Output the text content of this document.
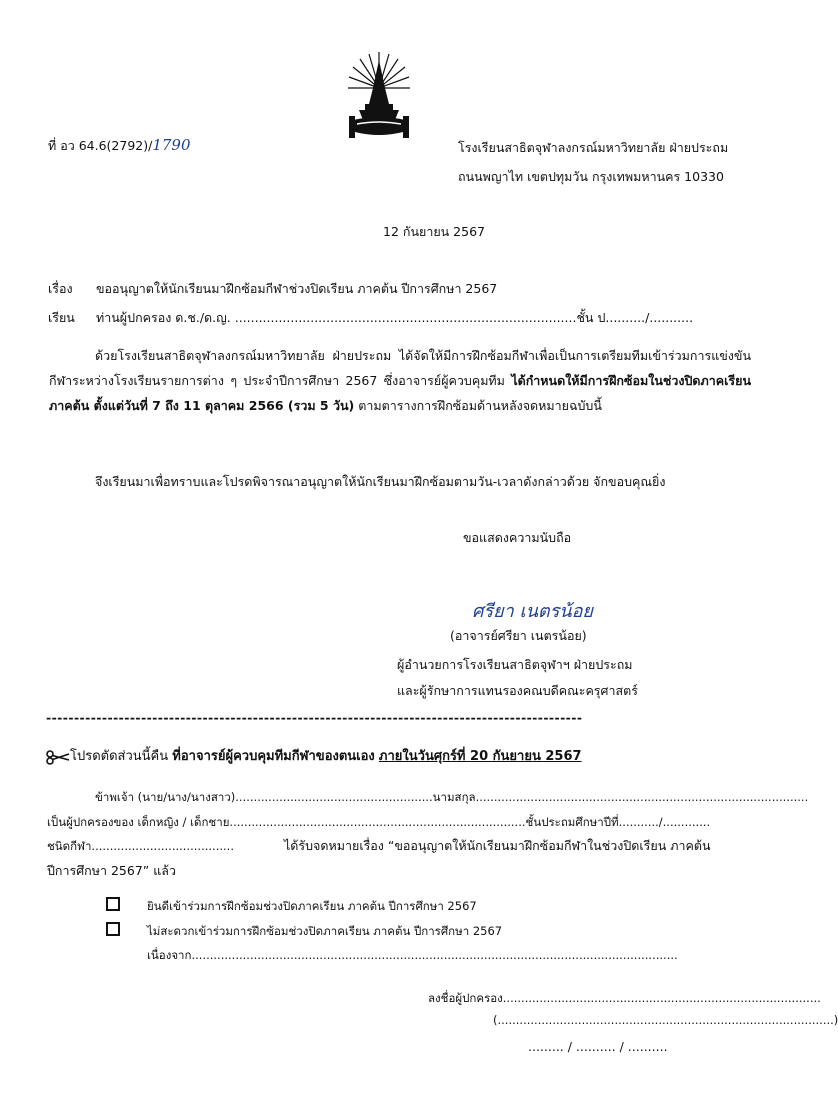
ที่ อว 64.6(2792)/1790	โรงเรียนสาธิตจุฬาลงกรณ์มหาวิทยาลัย ฝ่ายประถม
ถนนพญาไท เขตปทุมวัน กรุงเทพมหานคร 10330
12 กันยายน 2567
เรื่อง ขออนุญาตให้นักเรียนมาฝึกซ้อมกีฬาช่วงปิดเรียน ภาคต้น ปีการศึกษา 2567
เรียน ท่านผู้ปกครอง ด.ช./ด.ญ. ......................................................................................ชั้น ป........../...........
ด้วยโรงเรียนสาธิตจุฬาลงกรณ์มหาวิทยาลัย ฝ่ายประถม ได้จัดให้มีการฝึกซ้อมกีฬาเพื่อเป็นการเตรียมทีมเข้าร่วมการแข่งขันกีฬาระหว่างโรงเรียนรายการต่าง ๆ ประจำปีการศึกษา 2567 ซึ่งอาจารย์ผู้ควบคุมทีม ได้กำหนดให้มีการฝึกซ้อมในช่วงปิดภาคเรียน ภาคต้น ตั้งแต่วันที่ 7 ถึง 11 ตุลาคม 2566 (รวม 5 วัน) ตามตารางการฝึกซ้อมด้านหลังจดหมายฉบับนี้
จึงเรียนมาเพื่อทราบและโปรดพิจารณาอนุญาตให้นักเรียนมาฝึกซ้อมตามวัน-เวลาดังกล่าวด้วย จักขอบคุณยิ่ง
ขอแสดงความนับถือ
ศรียา เนตรน้อย
(อาจารย์ศรียา เนตรน้อย)
ผู้อำนวยการโรงเรียนสาธิตจุฬาฯ ฝ่ายประถม
และผู้รักษาการแทนรองคณบดีคณะครุศาสตร์
------------------------------------------------------------------------------------------------
โปรดตัดส่วนนี้คืน ที่อาจารย์ผู้ควบคุมทีมกีฬาของตนเอง ภายในวันศุกร์ที่ 20 กันยายน 2567
ข้าพเจ้า (นาย/นาง/นางสาว)......................................................นามสกุล...........................................................................................
เป็นผู้ปกครองของ เด็กหญิง / เด็กชาย.................................................................................ชั้นประถมศึกษาปีที่.........../.............
ชนิดกีฬา.......................................	ได้รับจดหมายเรื่อง “ขออนุญาตให้นักเรียนมาฝึกซ้อมกีฬาในช่วงปิดเรียน ภาคต้น
ปีการศึกษา 2567” แล้ว
ยินดีเข้าร่วมการฝึกซ้อมช่วงปิดภาคเรียน ภาคต้น ปีการศึกษา 2567
ไม่สะดวกเข้าร่วมการฝึกซ้อมช่วงปิดภาคเรียน ภาคต้น ปีการศึกษา 2567
เนื่องจาก.....................................................................................................................................
ลงชื่อผู้ปกครอง.......................................................................................
(............................................................................................)
......... / .......... / ..........
